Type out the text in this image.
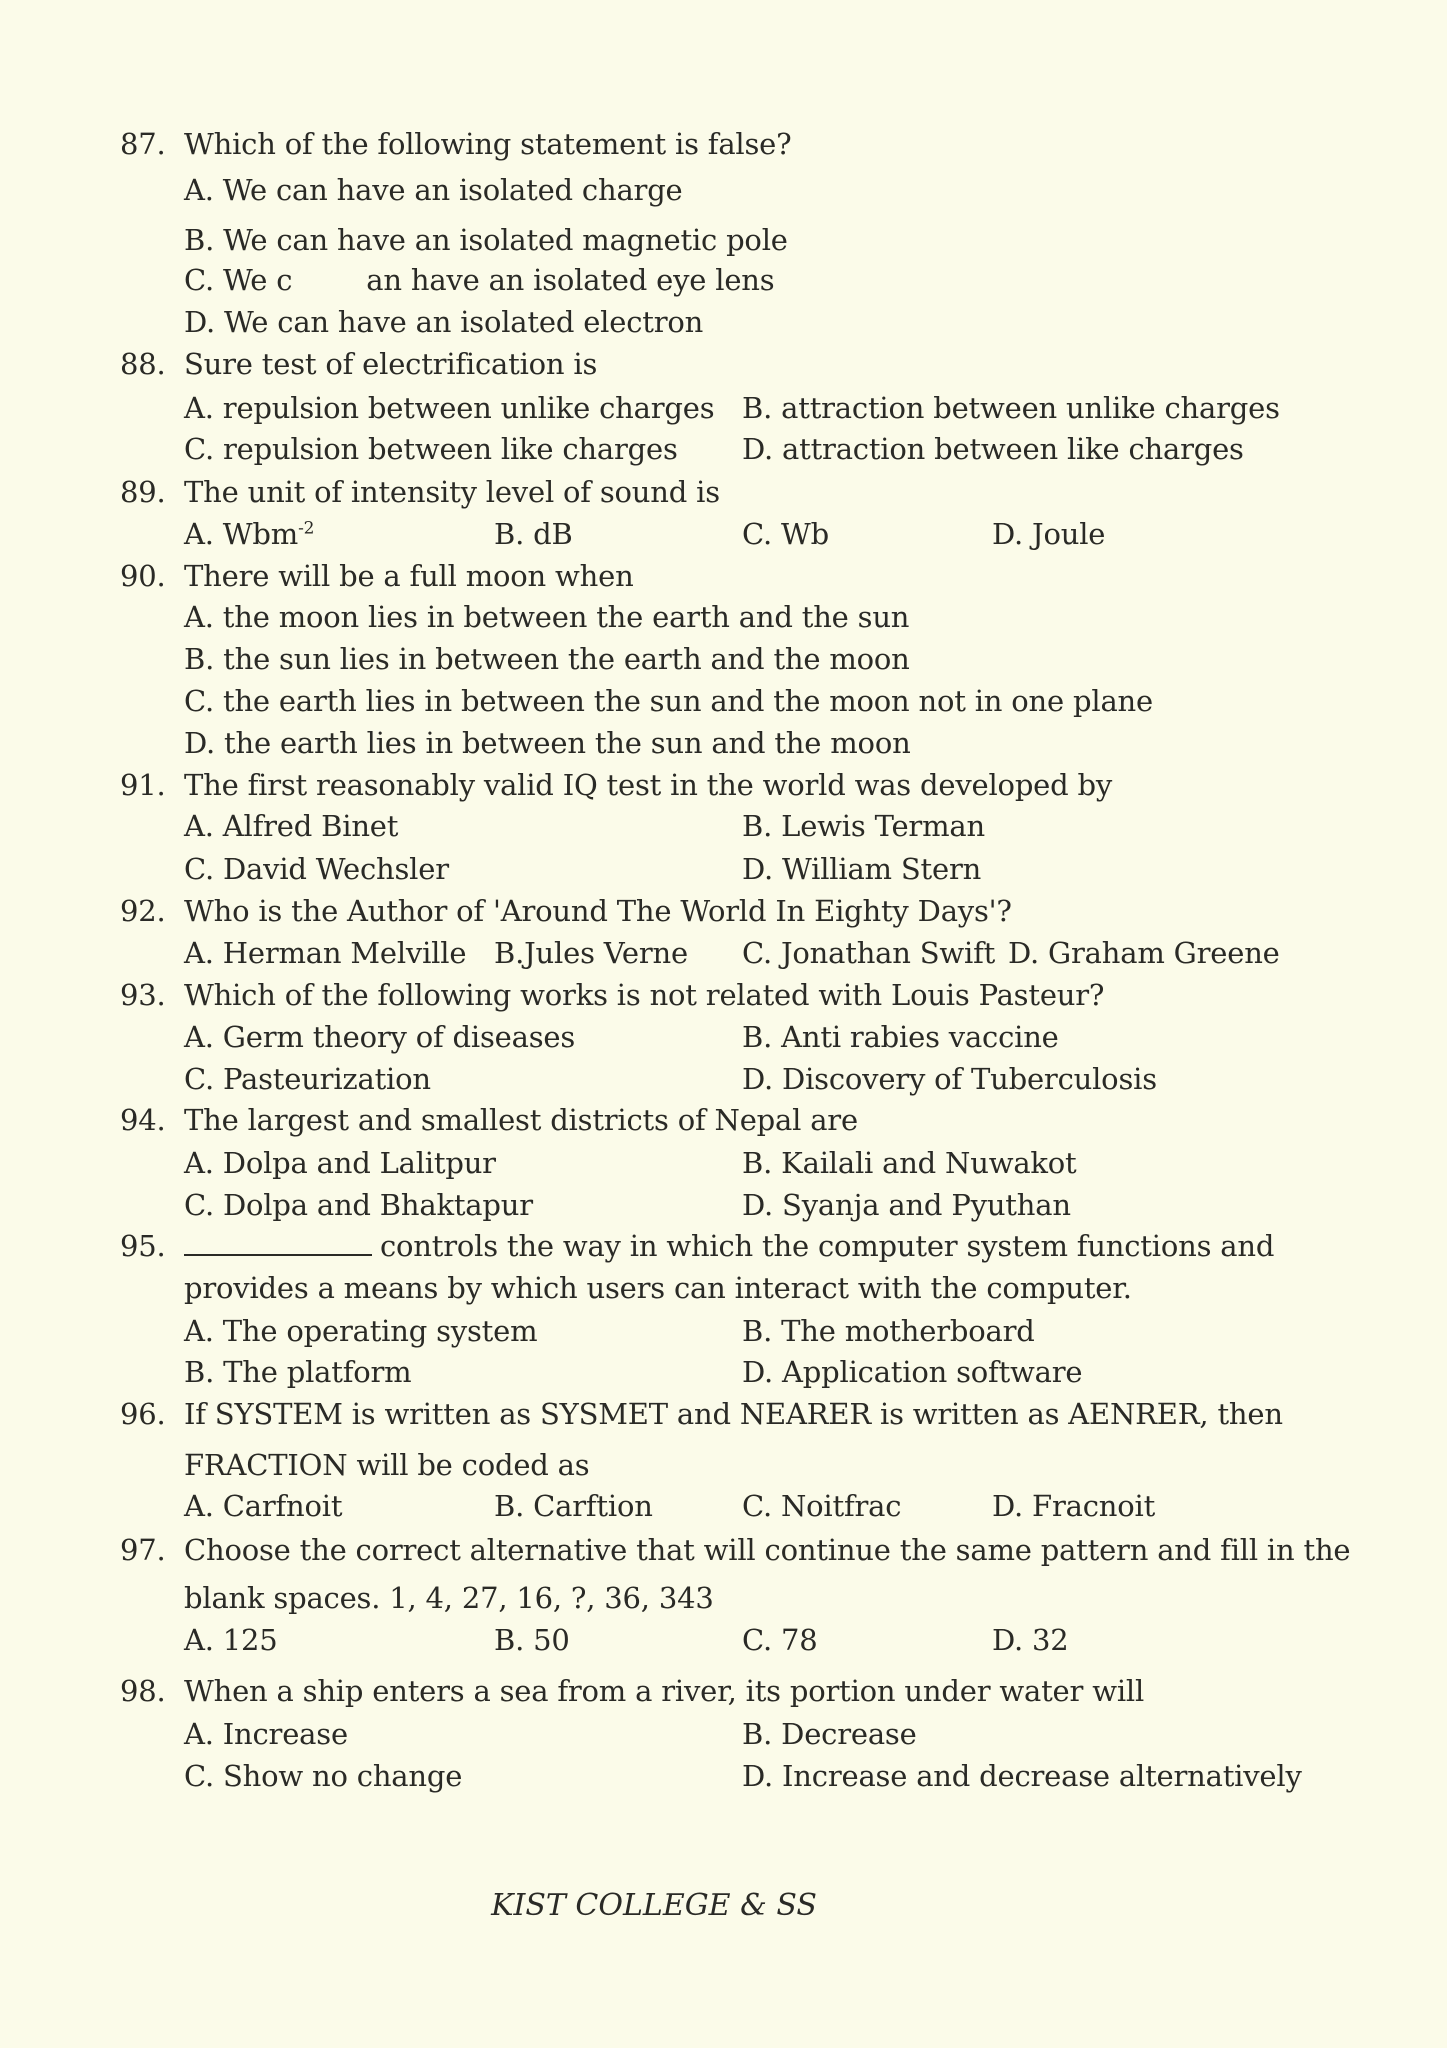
87. Which of the following statement is false?
A. We can have an isolated charge
B. We can have an isolated magnetic pole
C. We c	an have an isolated eye lens
D. We can have an isolated electron
88. Sure test of electrification is
A. repulsion between unlike charges B. attraction between unlike charges
C. repulsion between like charges D. attraction between like charges
89. The unit of intensity level of sound is
A. Wbm$^{-2}$	B. dB	C. Wb	D. Joule
90. There will be a full moon when
A. the moon lies in between the earth and the sun
B. the sun lies in between the earth and the moon
C. the earth lies in between the sun and the moon not in one plane
D. the earth lies in between the sun and the moon
91. The first reasonably valid IQ test in the world was developed by
A. Alfred Binet	B. Lewis Terman
C. David Wechsler	D. William Stern
92. Who is the Author of 'Around The World In Eighty Days'?
A. Herman Melville B.Jules Verne C. Jonathan Swift D. Graham Greene
93. Which of the following works is not related with Louis Pasteur?
A. Germ theory of diseases	B. Anti rabies vaccine
C. Pasteurization	D. Discovery of Tuberculosis
94. The largest and smallest districts of Nepal are
A. Dolpa and Lalitpur	B. Kailali and Nuwakot
C. Dolpa and Bhaktapur	D. Syanja and Pyuthan
95.	controls the way in which the computer system functions and
provides a means by which users can interact with the computer.
A. The operating system	B. The motherboard
B. The platform	D. Application software
96. If SYSTEM is written as SYSMET and NEARER is written as AENRER, then
FRACTION will be coded as
A. Carfnoit	B. Carftion	C. Noitfrac	D. Fracnoit
97. Choose the correct alternative that will continue the same pattern and fill in the
blank spaces. 1, 4, 27, 16, ?, 36, 343
A. 125	B. 50	C. 78	D. 32
98. When a ship enters a sea from a river, its portion under water will
A. Increase	B. Decrease
C. Show no change	D. Increase and decrease alternatively
KIST COLLEGE & SS
